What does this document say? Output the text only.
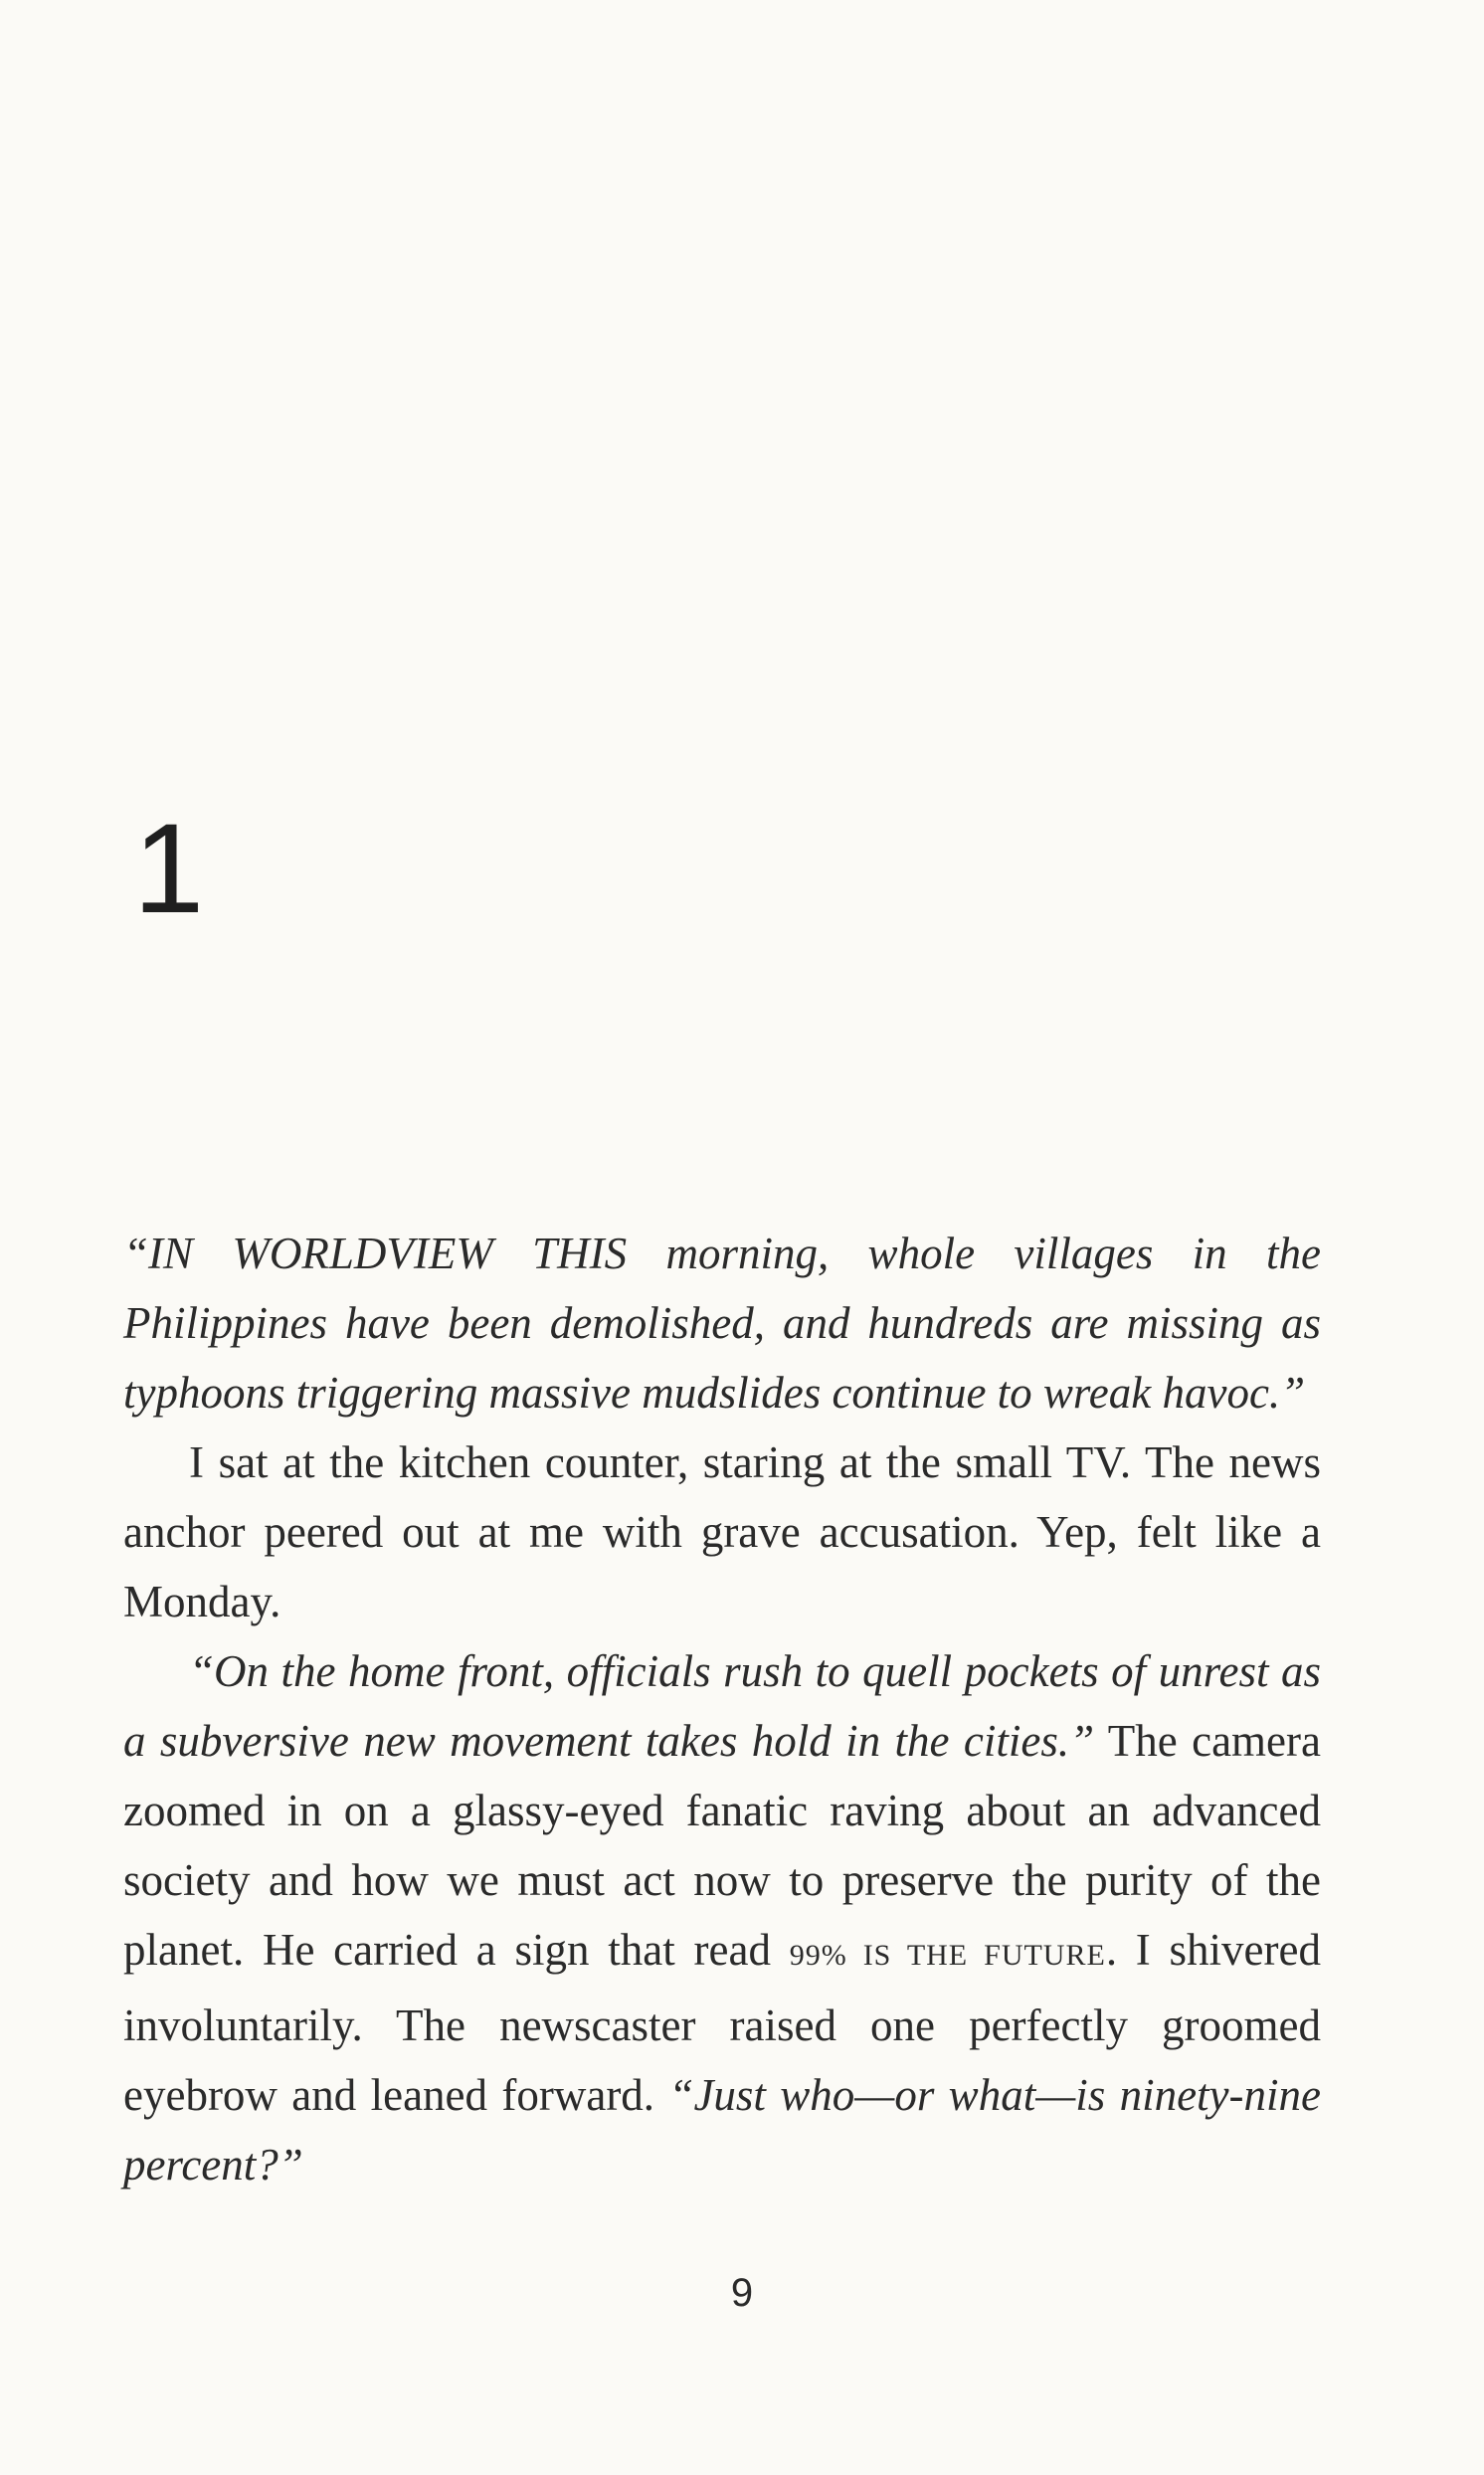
1

“IN WORLDVIEW THIS morning, whole villages in the Philippines have been demolished, and hundreds are missing as typhoons triggering massive mudslides continue to wreak havoc.”

I sat at the kitchen counter, staring at the small TV. The news anchor peered out at me with grave accusation. Yep, felt like a Monday.

“On the home front, officials rush to quell pockets of unrest as a subversive new movement takes hold in the cities.” The camera zoomed in on a glassy-eyed fanatic raving about an advanced society and how we must act now to preserve the purity of the planet. He carried a sign that read 99% IS THE FUTURE. I shivered involuntarily. The newscaster raised one perfectly groomed eyebrow and leaned forward. “Just who—or what—is ninety-nine percent?”

9
